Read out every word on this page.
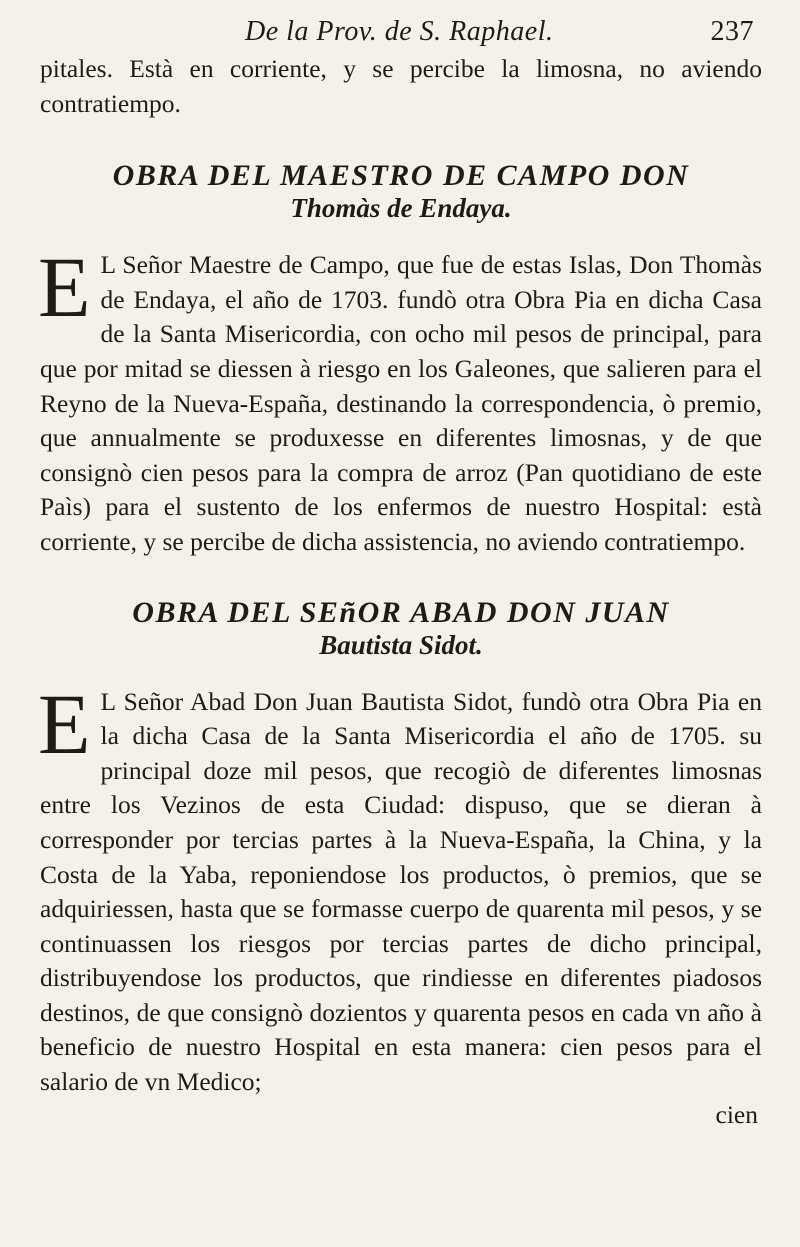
De la Prov. de S. Raphael.	237

pitales. Està en corriente, y se percibe la limosna, no aviendo contratiempo.

OBRA DEL MAESTRO DE CAMPO DON

Thomàs de Endaya.

E L Señor Maestre de Campo, que fue de estas Islas, Don Thomàs de Endaya, el año de 1703. fundò otra Obra Pia en dicha Casa de la Santa Misericordia, con ocho mil pesos de principal, para que por mitad se diessen à riesgo en los Galeones, que salieren para el Reyno de la Nueva-España, destinando la correspondencia, ò premio, que annualmente se produxesse en diferentes limosnas, y de que consignò cien pesos para la compra de arroz (Pan quotidiano de este Paìs) para el sustento de los enfermos de nuestro Hospital: està corriente, y se percibe de dicha assistencia, no aviendo contratiempo.

OBRA DEL SEñOR ABAD DON JUAN

Bautista Sidot.

E L Señor Abad Don Juan Bautista Sidot, fundò otra Obra Pia en la dicha Casa de la Santa Misericordia el año de 1705. su principal doze mil pesos, que recogiò de diferentes limosnas entre los Vezinos de esta Ciudad: dispuso, que se dieran à corresponder por tercias partes à la Nueva-España, la China, y la Costa de la Yaba, reponiendose los productos, ò premios, que se adquiriessen, hasta que se formasse cuerpo de quarenta mil pesos, y se continuassen los riesgos por tercias partes de dicho principal, distribuyendose los productos, que rindiesse en diferentes piadosos destinos, de que consignò dozientos y quarenta pesos en cada vn año à beneficio de nuestro Hospital en esta manera: cien pesos para el salario de vn Medico;

cien
